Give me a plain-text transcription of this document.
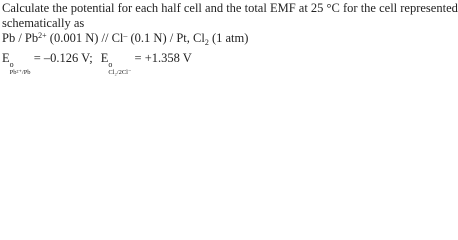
Calculate the potential for each half cell and the total EMF at 25 °C for the cell represented
schematically as
Pb / $Pb^{2+}$ (0.001 N) // Cl– (0.1 N) / Pt, $Cl_2$ (1 atm)
E o
Pb²⁺/Pb
= –0.126 V; E o
Cl₂/2Cl⁻
= +1.358 V
